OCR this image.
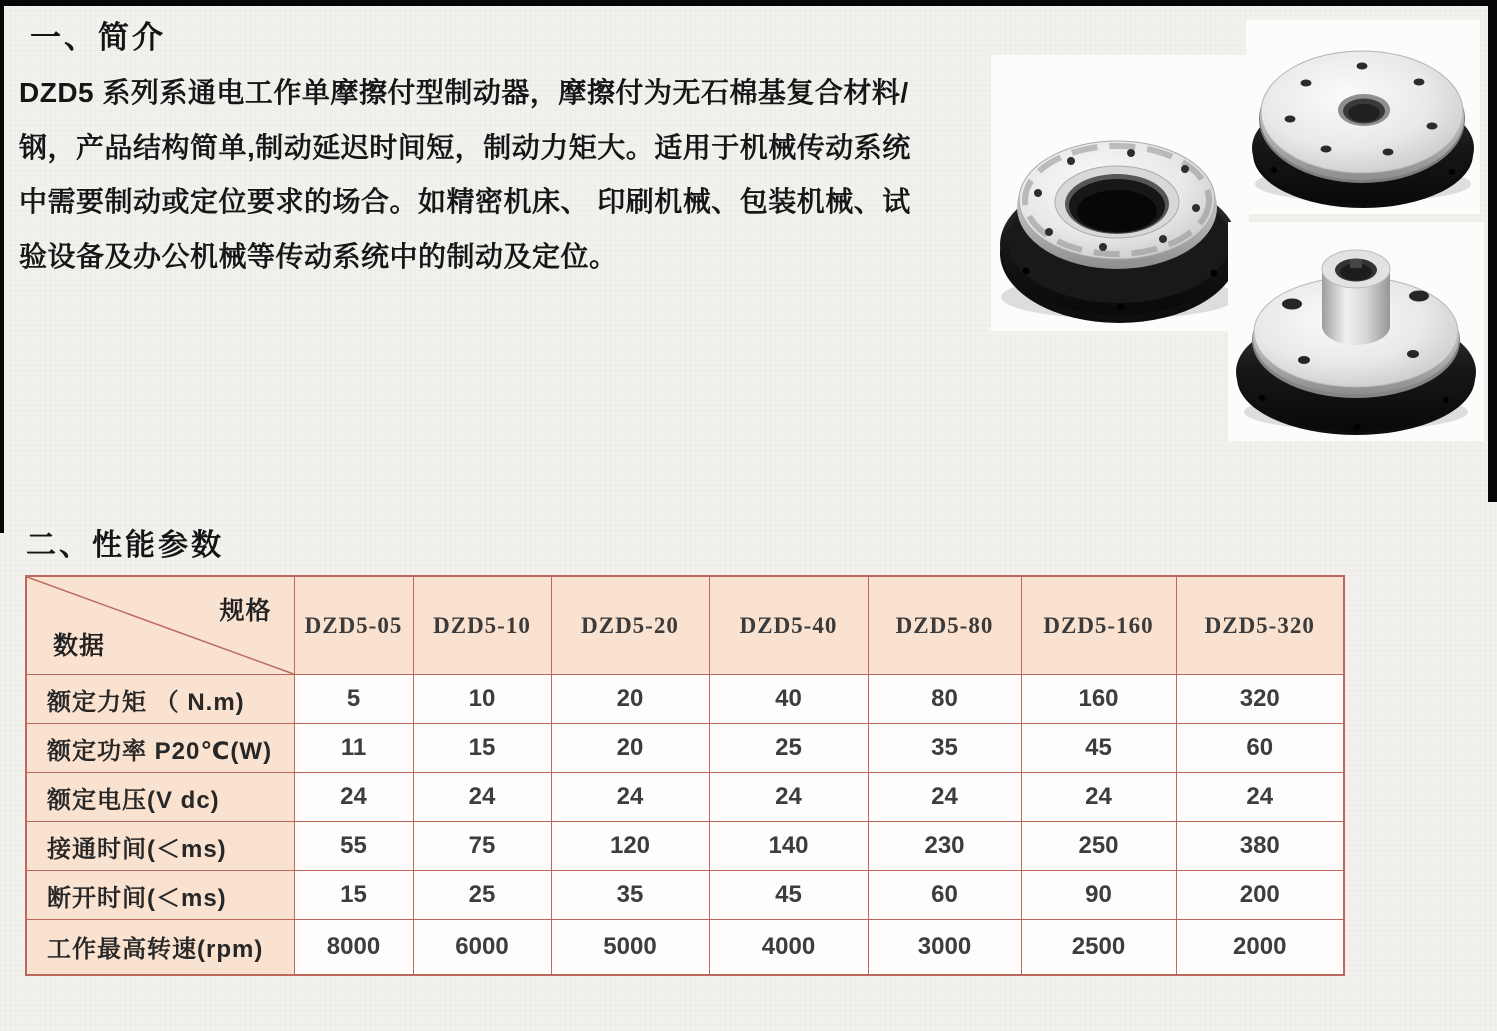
一、简介
DZD5 系列系通电工作单摩擦付型制动器，摩擦付为无石棉基复合材料/
钢，产品结构简单,制动延迟时间短，制动力矩大。适用于机械传动系统
中需要制动或定位要求的场合。如精密机床、 印刷机械、包装机械、试
验设备及办公机械等传动系统中的制动及定位。
二、性能参数
规格
数据	DZD5-05	DZD5-10	DZD5-20	DZD5-40	DZD5-80	DZD5-160	DZD5-320
额定力矩 （ N.m)	5	10	20	40	80	160	320
额定功率 P20℃(W)	11	15	20	25	35	45	60
额定电压(V dc)	24	24	24	24	24	24	24
接通时间(＜ms)	55	75	120	140	230	250	380
断开时间(＜ms)	15	25	35	45	60	90	200
工作最高转速(rpm)	8000	6000	5000	4000	3000	2500	2000
